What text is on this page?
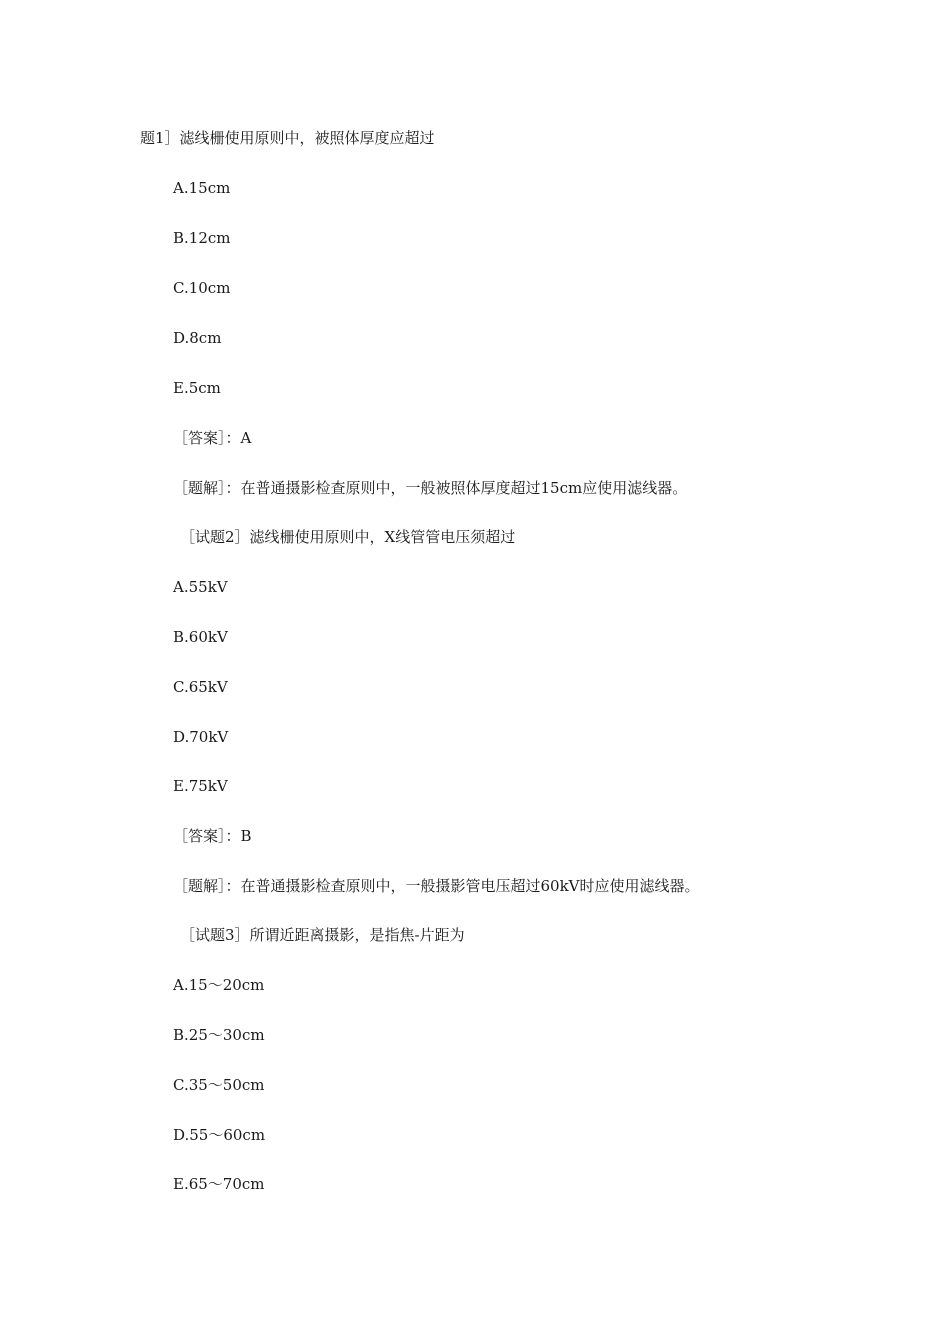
题1］滤线栅使用原则中，被照体厚度应超过
A.15cm
B.12cm
C.10cm
D.8cm
E.5cm
［答案］：A
［题解］：在普通摄影检查原则中，一般被照体厚度超过15cm应使用滤线器。
［试题2］滤线栅使用原则中，X线管管电压须超过
A.55kV
B.60kV
C.65kV
D.70kV
E.75kV
［答案］：B
［题解］：在普通摄影检查原则中，一般摄影管电压超过60kV时应使用滤线器。
［试题3］所谓近距离摄影，是指焦-片距为
A.15～20cm
B.25～30cm
C.35～50cm
D.55～60cm
E.65～70cm
